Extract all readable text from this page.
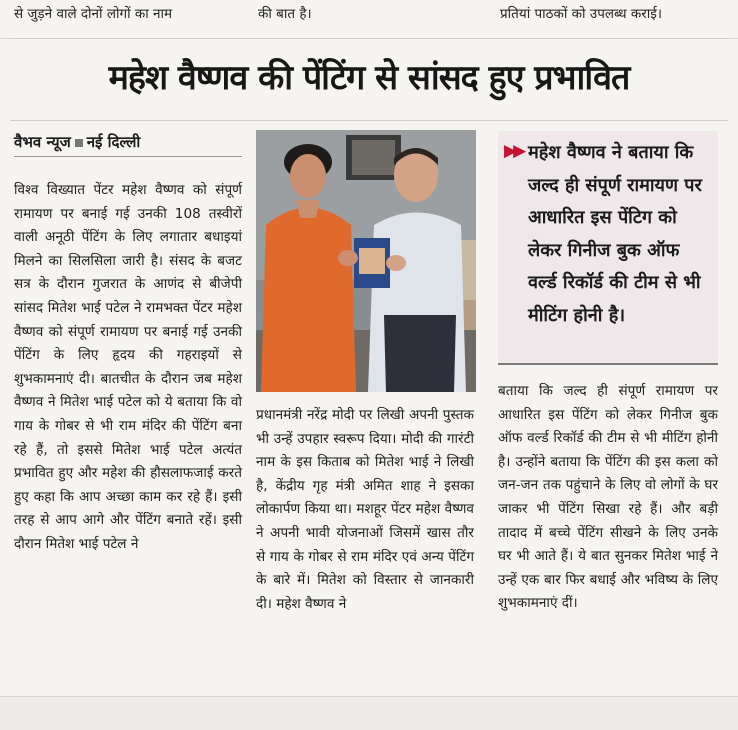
से जुड़ने वाले दोनों लोगों का नाम	की बात है।	प्रतियां पाठकों को उपलब्ध कराई।
महेश वैष्णव की पेंटिंग से सांसद हुए प्रभावित
वैभव न्यूज नई दिल्ली

विश्व विख्यात पेंटर महेश वैष्णव को संपूर्ण रामायण पर बनाई गई उनकी 108 तस्वीरों वाली अनूठी पेंटिंग के लिए लगातार बधाइयां मिलने का सिलसिला जारी है। संसद के बजट सत्र के दौरान गुजरात के आणंद से बीजेपी सांसद मितेश भाई पटेल ने रामभक्त पेंटर महेश वैष्णव को संपूर्ण रामायण पर बनाई गई उनकी पेंटिंग के लिए हृदय की गहराइयों से शुभकामनाएं दी। बातचीत के दौरान जब महेश वैष्णव ने मितेश भाई पटेल को ये बताया कि वो गाय के गोबर से भी राम मंदिर की पेंटिंग बना रहे हैं, तो इससे मितेश भाई पटेल अत्यंत प्रभावित हुए और महेश की हौसलाफजाई करते हुए कहा कि आप अच्छा काम कर रहे हैं। इसी तरह से आप आगे और पेंटिंग बनाते रहें। इसी दौरान मितेश भाई पटेल ने

प्रधानमंत्री नरेंद्र मोदी पर लिखी अपनी पुस्तक भी उन्हें उपहार स्वरूप दिया। मोदी की गारंटी नाम के इस किताब को मितेश भाई ने लिखी है, केंद्रीय गृह मंत्री अमित शाह ने इसका लोकार्पण किया था। मशहूर पेंटर महेश वैष्णव ने अपनी भावी योजनाओं जिसमें खास तौर से गाय के गोबर से राम मंदिर एवं अन्य पेंटिंग के बारे में। मितेश को विस्तार से जानकारी दी। महेश वैष्णव ने

▶▶ महेश वैष्णव ने बताया कि जल्द ही संपूर्ण रामायण पर आधारित इस पेंटिग को लेकर गिनीज बुक ऑफ वर्ल्ड रिकॉर्ड की टीम से भी मीटिंग होनी है।

बताया कि जल्द ही संपूर्ण रामायण पर आधारित इस पेंटिंग को लेकर गिनीज बुक ऑफ वर्ल्ड रिकॉर्ड की टीम से भी मीटिंग होनी है। उन्होंने बताया कि पेंटिंग की इस कला को जन-जन तक पहुंचाने के लिए वो लोगों के घर जाकर भी पेंटिंग सिखा रहे हैं। और बड़ी तादाद में बच्चे पेंटिंग सीखने के लिए उनके घर भी आते हैं। ये बात सुनकर मितेश भाई ने उन्हें एक बार फिर बधाई और भविष्य के लिए शुभकामनाएं दीं।
